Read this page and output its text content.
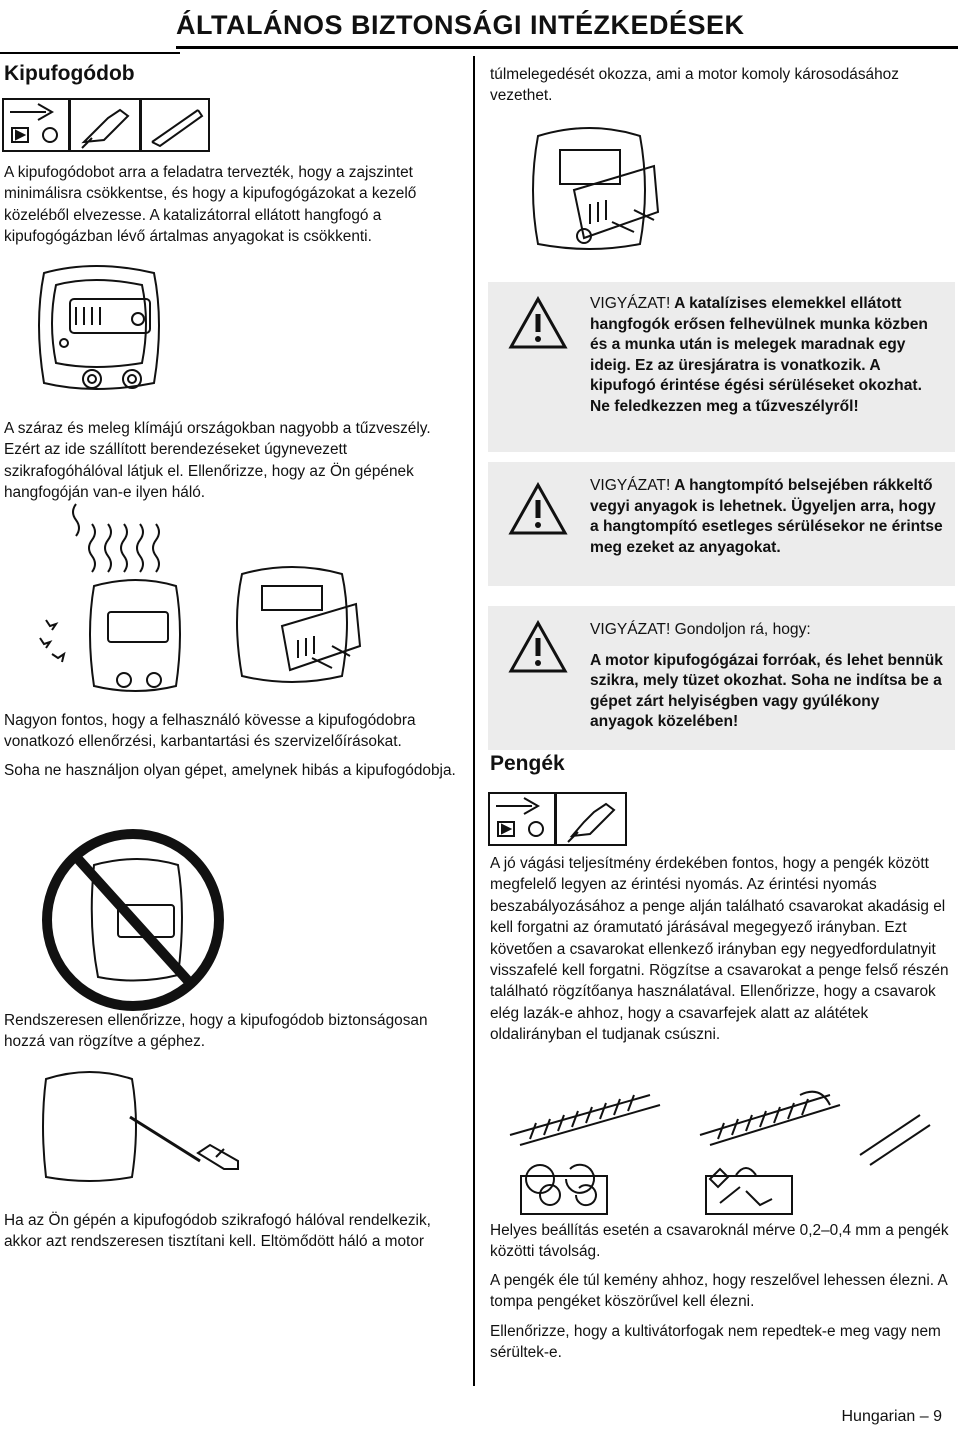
ÁLTALÁNOS BIZTONSÁGI INTÉZKEDÉSEK
Kipufogódob
A kipufogódobot arra a feladatra tervezték, hogy a zajszintet minimálisra csökkentse, és hogy a kipufogógázokat a kezelő közeléből elvezesse. A katalizátorral ellátott hangfogó a kipufogógázban lévő ártalmas anyagokat is csökkenti.
A száraz és meleg klímájú országokban nagyobb a tűzveszély. Ezért az ide szállított berendezéseket úgynevezett szikrafogóhálóval látjuk el. Ellenőrizze, hogy az Ön gépének hangfogóján van-e ilyen háló.
Nagyon fontos, hogy a felhasználó kövesse a kipufogódobra vonatkozó ellenőrzési, karbantartási és szervizelőírásokat.
Soha ne használjon olyan gépet, amelynek hibás a kipufogódobja.
Rendszeresen ellenőrizze, hogy a kipufogódob biztonságosan hozzá van rögzítve a géphez.
Ha az Ön gépén a kipufogódob szikrafogó hálóval rendelkezik, akkor azt rendszeresen tisztítani kell. Eltömődött háló a motor
túlmelegedését okozza, ami a motor komoly károsodásához vezethet.
VIGYÁZAT! A katalízises elemekkel ellátott hangfogók erősen felhevülnek munka közben és a munka után is melegek maradnak egy ideig. Ez az üresjáratra is vonatkozik. A kipufogó érintése égési sérüléseket okozhat. Ne feledkezzen meg a tűzveszélyről!
VIGYÁZAT! A hangtompító belsejében rákkeltő vegyi anyagok is lehetnek. Ügyeljen arra, hogy a hangtompító esetleges sérülésekor ne érintse meg ezeket az anyagokat.
VIGYÁZAT! Gondoljon rá, hogy:
A motor kipufogógázai forróak, és lehet bennük szikra, mely tüzet okozhat. Soha ne indítsa be a gépet zárt helyiségben vagy gyúlékony anyagok közelében!
Pengék
A jó vágási teljesítmény érdekében fontos, hogy a pengék között megfelelő legyen az érintési nyomás. Az érintési nyomás beszabályozásához a penge alján található csavarokat akadásig el kell forgatni az óramutató járásával megegyező irányban. Ezt követően a csavarokat ellenkező irányban egy negyedfordulatnyit visszafelé kell forgatni. Rögzítse a csavarokat a penge felső részén található rögzítőanya használatával. Ellenőrizze, hogy a csavarok elég lazák-e ahhoz, hogy a csavarfejek alatt az alátétek oldalirányban el tudjanak csúszni.
Helyes beállítás esetén a csavaroknál mérve 0,2–0,4 mm a pengék közötti távolság.
A pengék éle túl kemény ahhoz, hogy reszelővel lehessen élezni. A tompa pengéket köszörűvel kell élezni.
Ellenőrizze, hogy a kultivátorfogak nem repedtek-e meg vagy nem sérültek-e.
Hungarian – 9
